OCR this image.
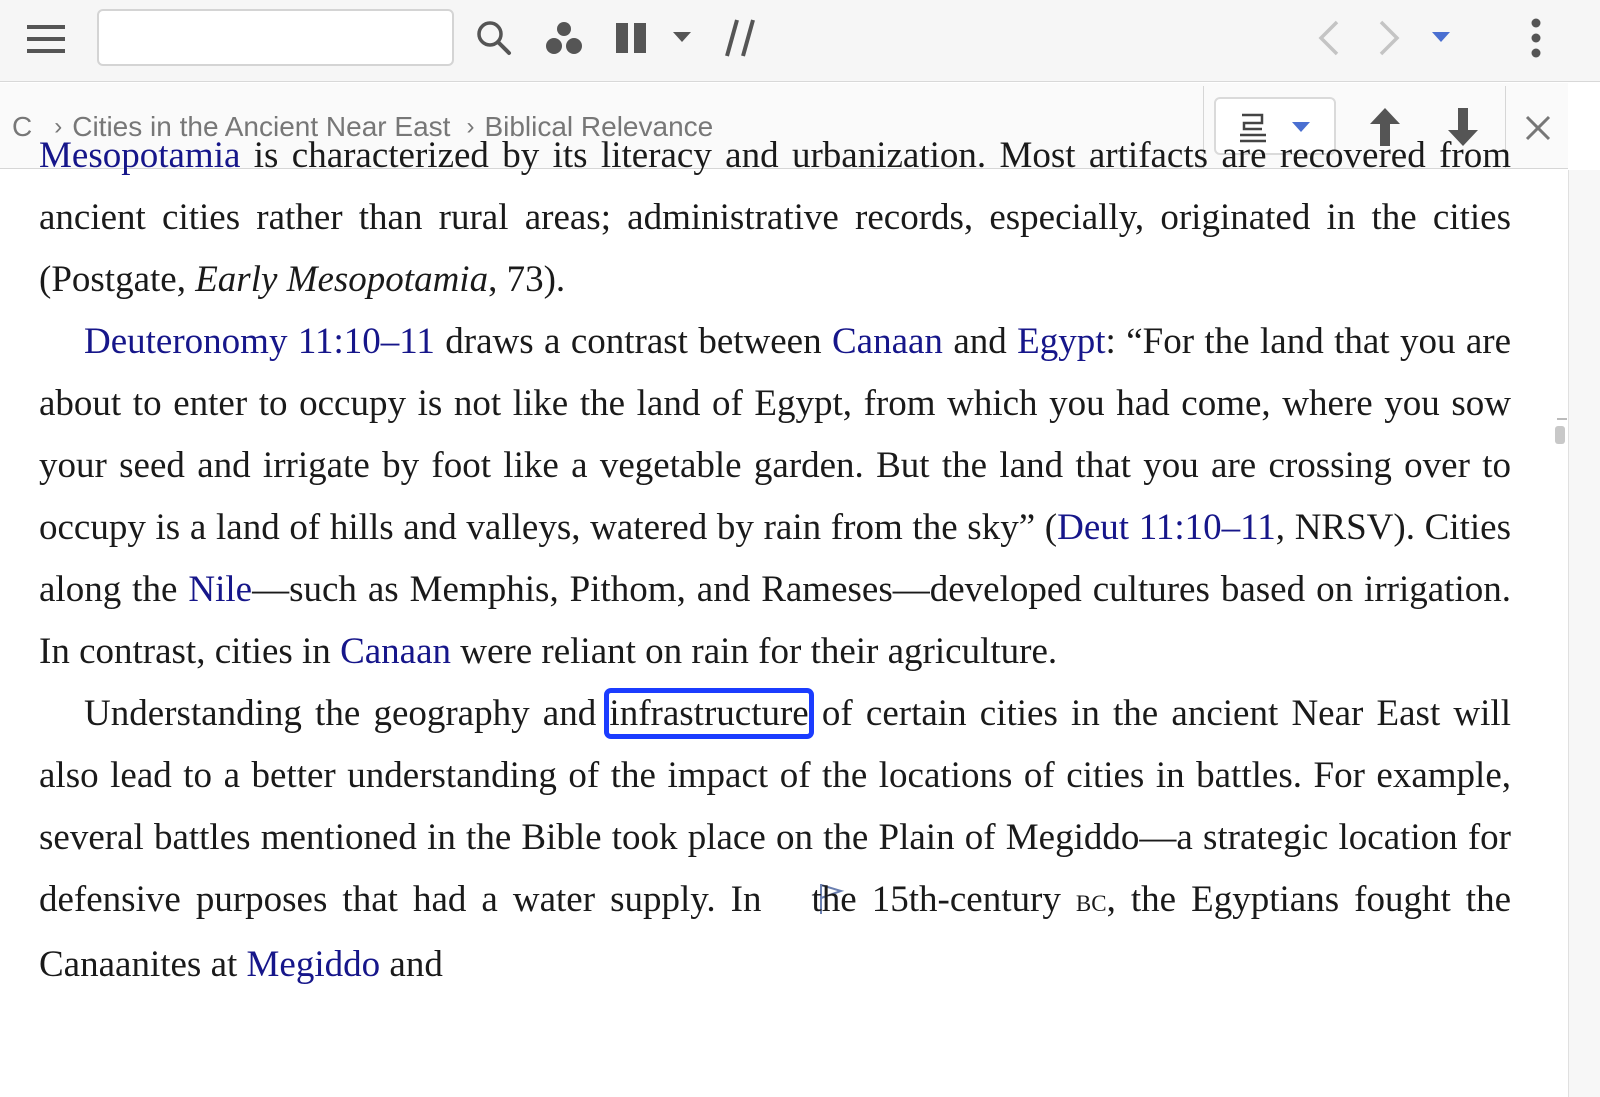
C › Cities in the Ancient Near East › Biblical Relevance

Mesopotamia is characterized by its literacy and urbanization. Most artifacts are recovered from ancient cities rather than rural areas; administrative records, especially, originated in the cities (Postgate, Early Mesopotamia, 73).

Deuteronomy 11:10–11 draws a contrast between Canaan and Egypt: “For the land that you are about to enter to occupy is not like the land of Egypt, from which you had come, where you sow your seed and irrigate by foot like a vegetable garden. But the land that you are crossing over to occupy is a land of hills and valleys, watered by rain from the sky” (Deut 11:10–11, NRSV). Cities along the Nile—such as Memphis, Pithom, and Rameses—developed cultures based on irrigation. In contrast, cities in Canaan were reliant on rain for their agriculture.

Understanding the geography and infrastructure of certain cities in the ancient Near East will also lead to a better understanding of the impact of the locations of cities in battles. For example, several battles mentioned in the Bible took place on the Plain of Megiddo—a strategic location for defensive purposes that had a water supply. In the 15th-century bc, the Egyptians fought the Canaanites at Megiddo and
